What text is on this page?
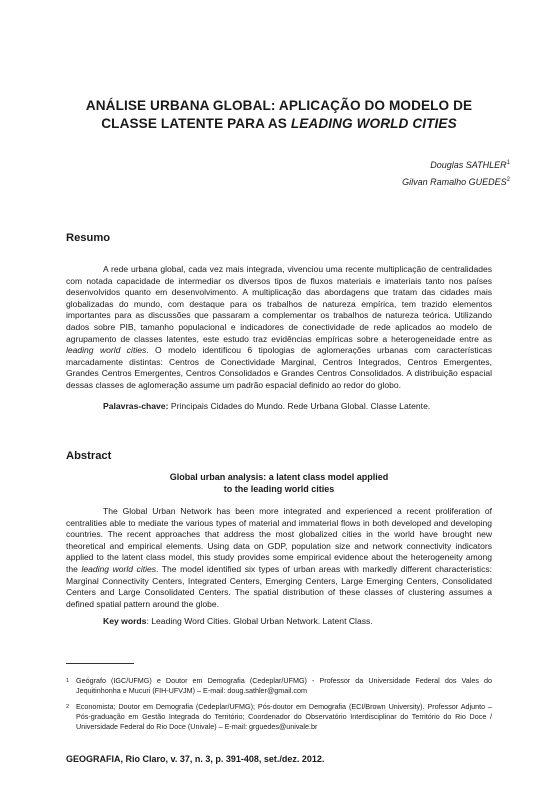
ANÁLISE URBANA GLOBAL: APLICAÇÃO DO MODELO DE
CLASSE LATENTE PARA AS LEADING WORLD CITIES
Douglas SATHLER$^1$
Gilvan Ramalho GUEDES$^2$
Resumo

A rede urbana global, cada vez mais integrada, vivenciou uma recente multiplicação de centralidades com notada capacidade de intermediar os diversos tipos de fluxos materiais e imateriais tanto nos países desenvolvidos quanto em desenvolvimento. A multiplicação das abordagens que tratam das cidades mais globalizadas do mundo, com destaque para os trabalhos de natureza empírica, tem trazido elementos importantes para as discussões que passaram a complementar os trabalhos de natureza teórica. Utilizando dados sobre PIB, tamanho populacional e indicadores de conectividade de rede aplicados ao modelo de agrupamento de classes latentes, este estudo traz evidências empíricas sobre a heterogeneidade entre as leading world cities. O modelo identificou 6 tipologias de aglomerações urbanas com características marcadamente distintas: Centros de Conectividade Marginal, Centros Integrados, Centros Emergentes, Grandes Centros Emergentes, Centros Consolidados e Grandes Centros Consolidados. A distribuição espacial dessas classes de aglomeração assume um padrão espacial definido ao redor do globo.

Palavras-chave: Principais Cidades do Mundo. Rede Urbana Global. Classe Latente.
Abstract
Global urban analysis: a latent class model applied
to the leading world cities

The Global Urban Network has been more integrated and experienced a recent proliferation of centralities able to mediate the various types of material and immaterial flows in both developed and developing countries. The recent approaches that address the most globalized cities in the world have brought new theoretical and empirical elements. Using data on GDP, population size and network connectivity indicators applied to the latent class model, this study provides some empirical evidence about the heterogeneity among the leading world cities. The model identified six types of urban areas with markedly different characteristics: Marginal Connectivity Centers, Integrated Centers, Emerging Centers, Large Emerging Centers, Consolidated Centers and Large Consolidated Centers. The spatial distribution of these classes of clustering assumes a defined spatial pattern around the globe.

Key words: Leading Word Cities. Global Urban Network. Latent Class.

1 Geógrafo (IGC/UFMG) e Doutor em Demografia (Cedeplar/UFMG) - Professor da Universidade Federal dos Vales do Jequitinhonha e Mucuri (FIH-UFVJM) – E-mail: doug.sathler@gmail.com

2 Economista; Doutor em Demografia (Cedeplar/UFMG); Pós-doutor em Demografia (ECI/Brown University). Professor Adjunto – Pós-graduação em Gestão Integrada do Território; Coordenador do Observatório Interdisciplinar do Território do Rio Doce / Universidade Federal do Rio Doce (Univale) – E-mail: grguedes@univale.br

GEOGRAFIA, Rio Claro, v. 37, n. 3, p. 391-408, set./dez. 2012.
